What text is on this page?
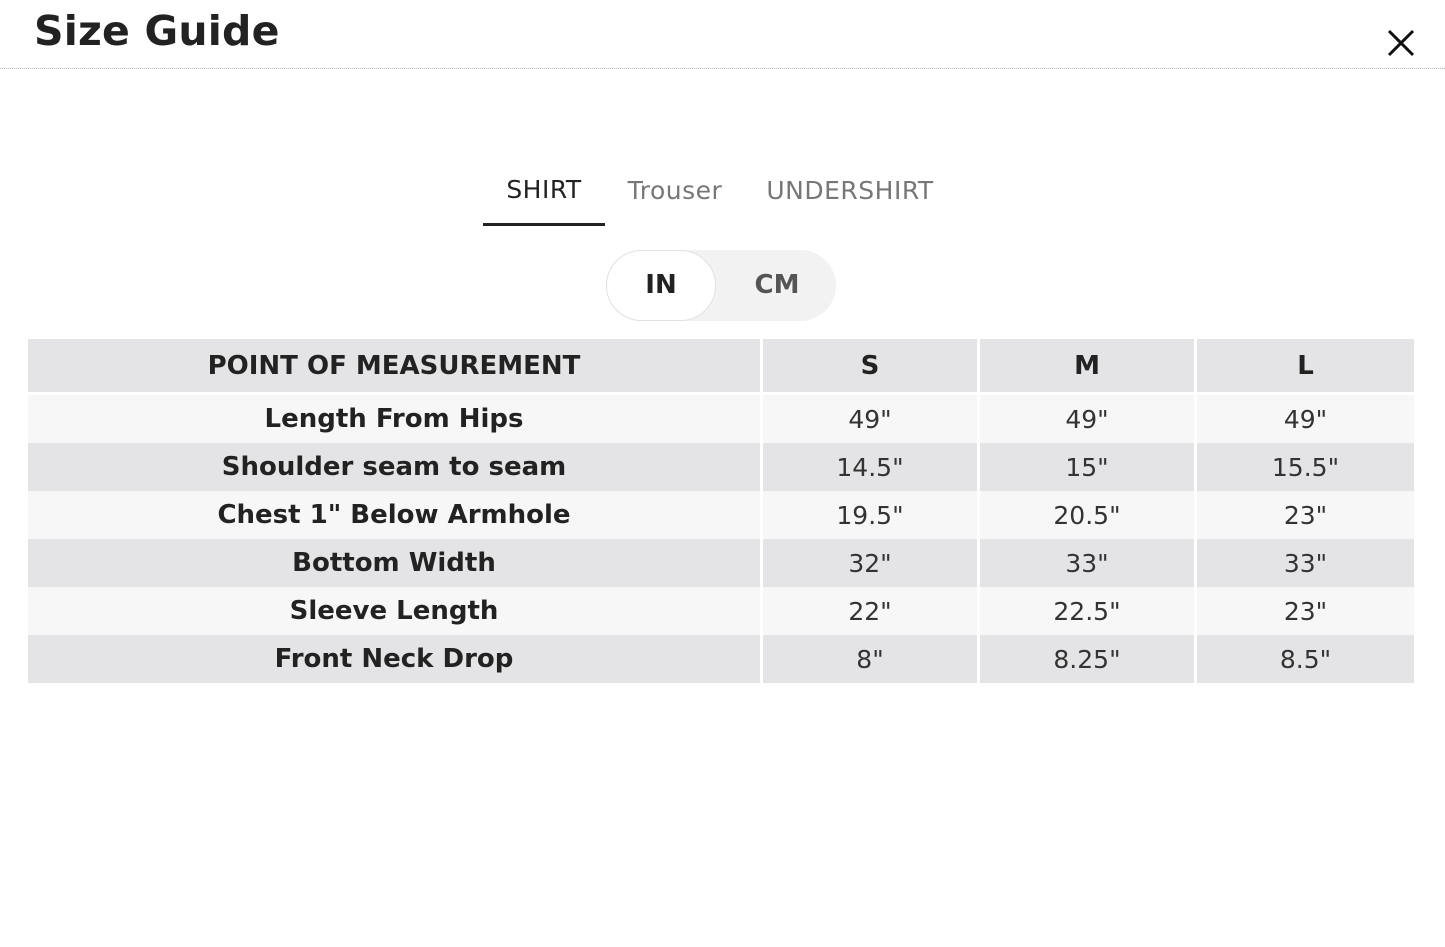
Size Guide
SHIRT	Trouser	UNDERSHIRT
IN	CM
POINT OF MEASUREMENT	S	M	L
Length From Hips	49"	49"	49"
Shoulder seam to seam	14.5"	15"	15.5"
Chest 1" Below Armhole	19.5"	20.5"	23"
Bottom Width	32"	33"	33"
Sleeve Length	22"	22.5"	23"
Front Neck Drop	8"	8.25"	8.5"
